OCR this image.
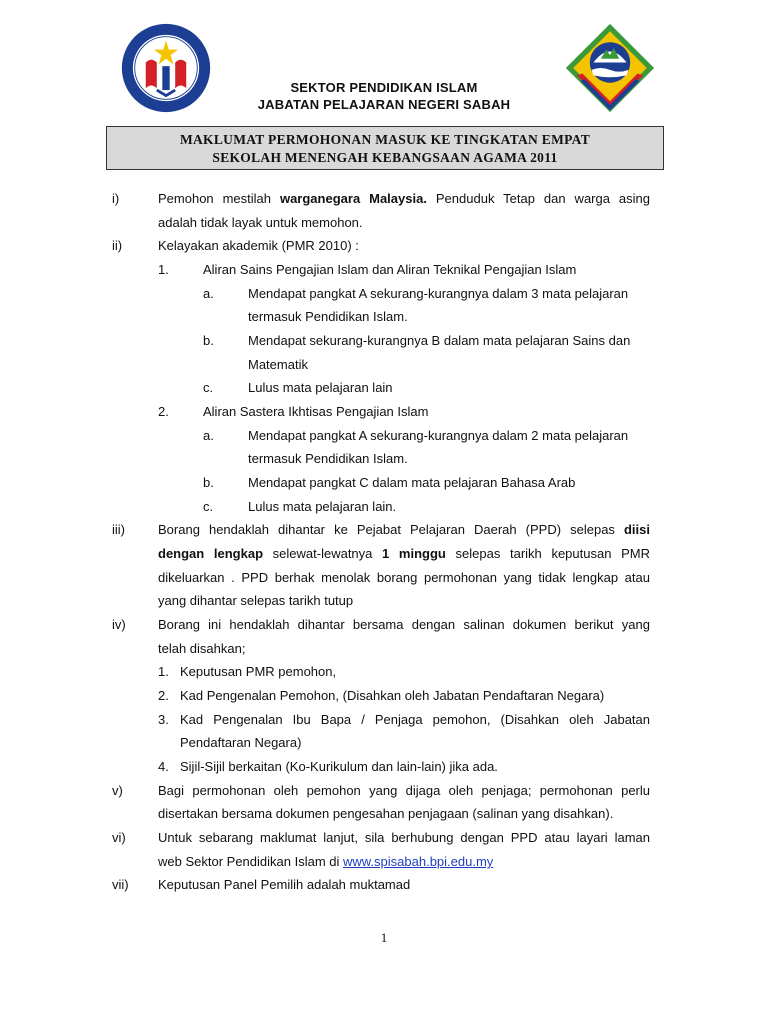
SEKTOR PENDIDIKAN ISLAM
JABATAN PELAJARAN NEGERI SABAH
MAKLUMAT PERMOHONAN MASUK KE TINGKATAN EMPAT
SEKOLAH MENENGAH KEBANGSAAN AGAMA 2011
i)	Pemohon mestilah warganegara Malaysia. Penduduk Tetap dan warga asing
adalah tidak layak untuk memohon.
ii)	Kelayakan akademik (PMR 2010) :
1.	Aliran Sains Pengajian Islam dan Aliran Teknikal Pengajian Islam
a.	Mendapat pangkat A sekurang-kurangnya dalam 3 mata pelajaran
termasuk Pendidikan Islam.
b.	Mendapat sekurang-kurangnya B dalam mata pelajaran Sains dan
Matematik
c.	Lulus mata pelajaran lain
2.	Aliran Sastera Ikhtisas Pengajian Islam
a.	Mendapat pangkat A sekurang-kurangnya dalam 2 mata pelajaran
termasuk Pendidikan Islam.
b.	Mendapat pangkat C dalam mata pelajaran Bahasa Arab
c.	Lulus mata pelajaran lain.
iii)	Borang hendaklah dihantar ke Pejabat Pelajaran Daerah (PPD) selepas diisi
dengan lengkap selewat-lewatnya 1 minggu selepas tarikh keputusan PMR
dikeluarkan . PPD berhak menolak borang permohonan yang tidak lengkap atau
yang dihantar selepas tarikh tutup
iv) Borang ini hendaklah dihantar bersama dengan salinan dokumen berikut yang
telah disahkan;
1. Keputusan PMR pemohon,
2. Kad Pengenalan Pemohon, (Disahkan oleh Jabatan Pendaftaran Negara)
3. Kad Pengenalan Ibu Bapa / Penjaga pemohon, (Disahkan oleh Jabatan
Pendaftaran Negara)
4. Sijil-Sijil berkaitan (Ko-Kurikulum dan lain-lain) jika ada.
v)	Bagi permohonan oleh pemohon yang dijaga oleh penjaga; permohonan perlu
disertakan bersama dokumen pengesahan penjagaan (salinan yang disahkan).
vi) Untuk sebarang maklumat lanjut, sila berhubung dengan PPD atau layari laman
web Sektor Pendidikan Islam di www.spisabah.bpi.edu.my
vii) Keputusan Panel Pemilih adalah muktamad
1
